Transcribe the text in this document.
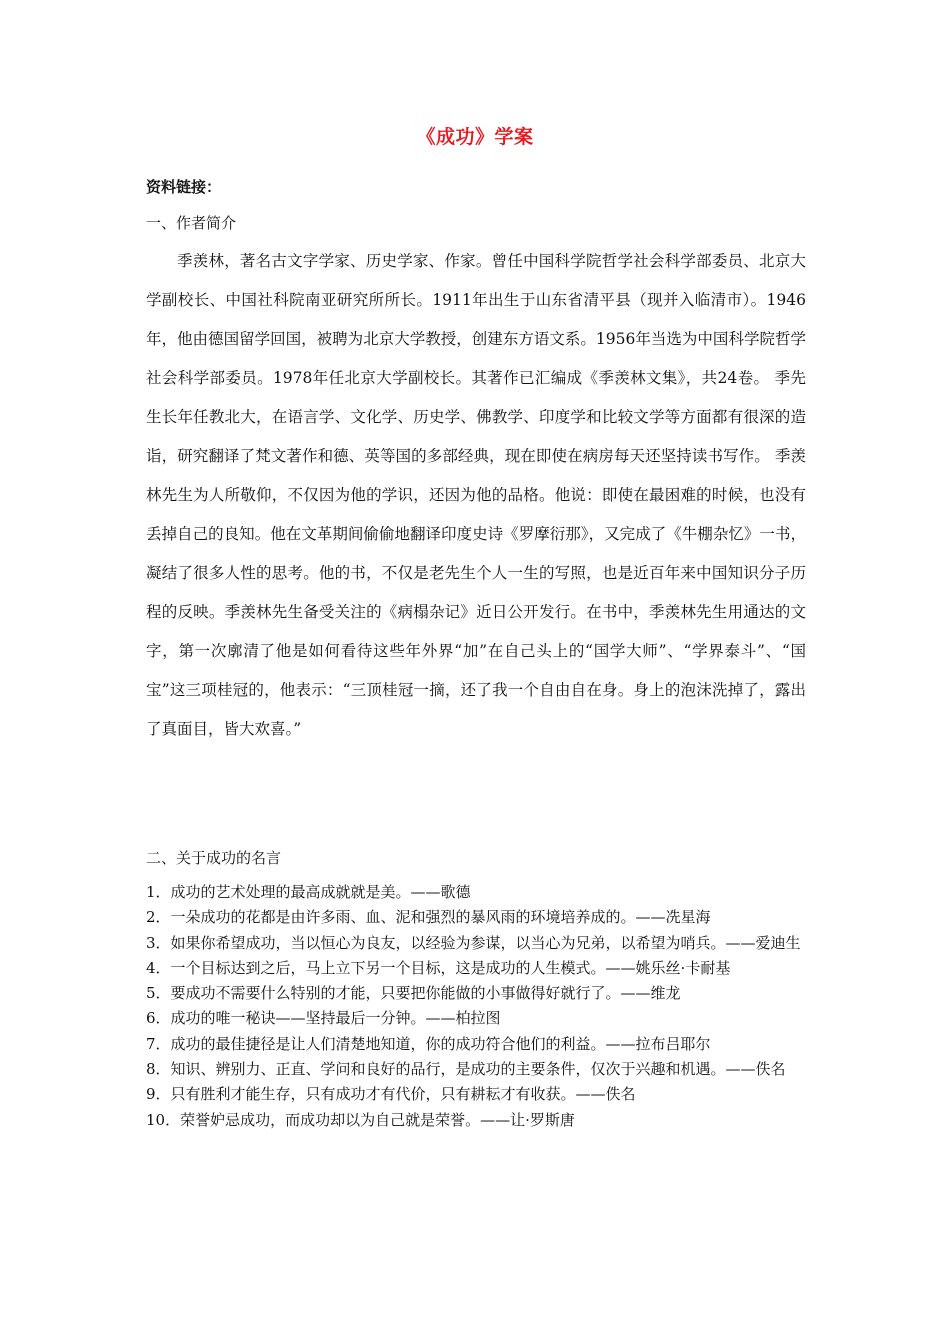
《成功》学案
资料链接：
一、作者简介

季羡林，著名古文字学家、历史学家、作家。曾任中国科学院哲学社会科学部委员、北京大学副校长、中国社科院南亚研究所所长。1911年出生于山东省清平县（现并入临清市）。1946年，他由德国留学回国，被聘为北京大学教授，创建东方语文系。1956年当选为中国科学院哲学社会科学部委员。1978年任北京大学副校长。其著作已汇编成《季羡林文集》，共24卷。 季先生长年任教北大，在语言学、文化学、历史学、佛教学、印度学和比较文学等方面都有很深的造诣，研究翻译了梵文著作和德、英等国的多部经典，现在即使在病房每天还坚持读书写作。 季羡林先生为人所敬仰，不仅因为他的学识，还因为他的品格。他说：即使在最困难的时候，也没有丢掉自己的良知。他在文革期间偷偷地翻译印度史诗《罗摩衍那》，又完成了《牛棚杂忆》一书，凝结了很多人性的思考。他的书，不仅是老先生个人一生的写照，也是近百年来中国知识分子历程的反映。季羡林先生备受关注的《病榻杂记》近日公开发行。在书中，季羡林先生用通达的文字，第一次廓清了他是如何看待这些年外界“加”在自己头上的“国学大师”、“学界泰斗”、“国宝”这三项桂冠的，他表示：“三顶桂冠一摘，还了我一个自由自在身。身上的泡沫洗掉了，露出了真面目，皆大欢喜。”

二、关于成功的名言
1．成功的艺术处理的最高成就就是美。——歌德
2．一朵成功的花都是由许多雨、血、泥和强烈的暴风雨的环境培养成的。——冼星海
3．如果你希望成功，当以恒心为良友，以经验为参谋，以当心为兄弟，以希望为哨兵。——爱迪生
4．一个目标达到之后，马上立下另一个目标，这是成功的人生模式。——姚乐丝·卡耐基
5．要成功不需要什么特别的才能，只要把你能做的小事做得好就行了。——维龙
6．成功的唯一秘诀——坚持最后一分钟。——柏拉图
7．成功的最佳捷径是让人们清楚地知道，你的成功符合他们的利益。——拉布吕耶尔
8．知识、辨别力、正直、学问和良好的品行，是成功的主要条件，仅次于兴趣和机遇。——佚名
9．只有胜利才能生存，只有成功才有代价，只有耕耘才有收获。——佚名
10．荣誉妒忌成功，而成功却以为自己就是荣誉。——让·罗斯唐
